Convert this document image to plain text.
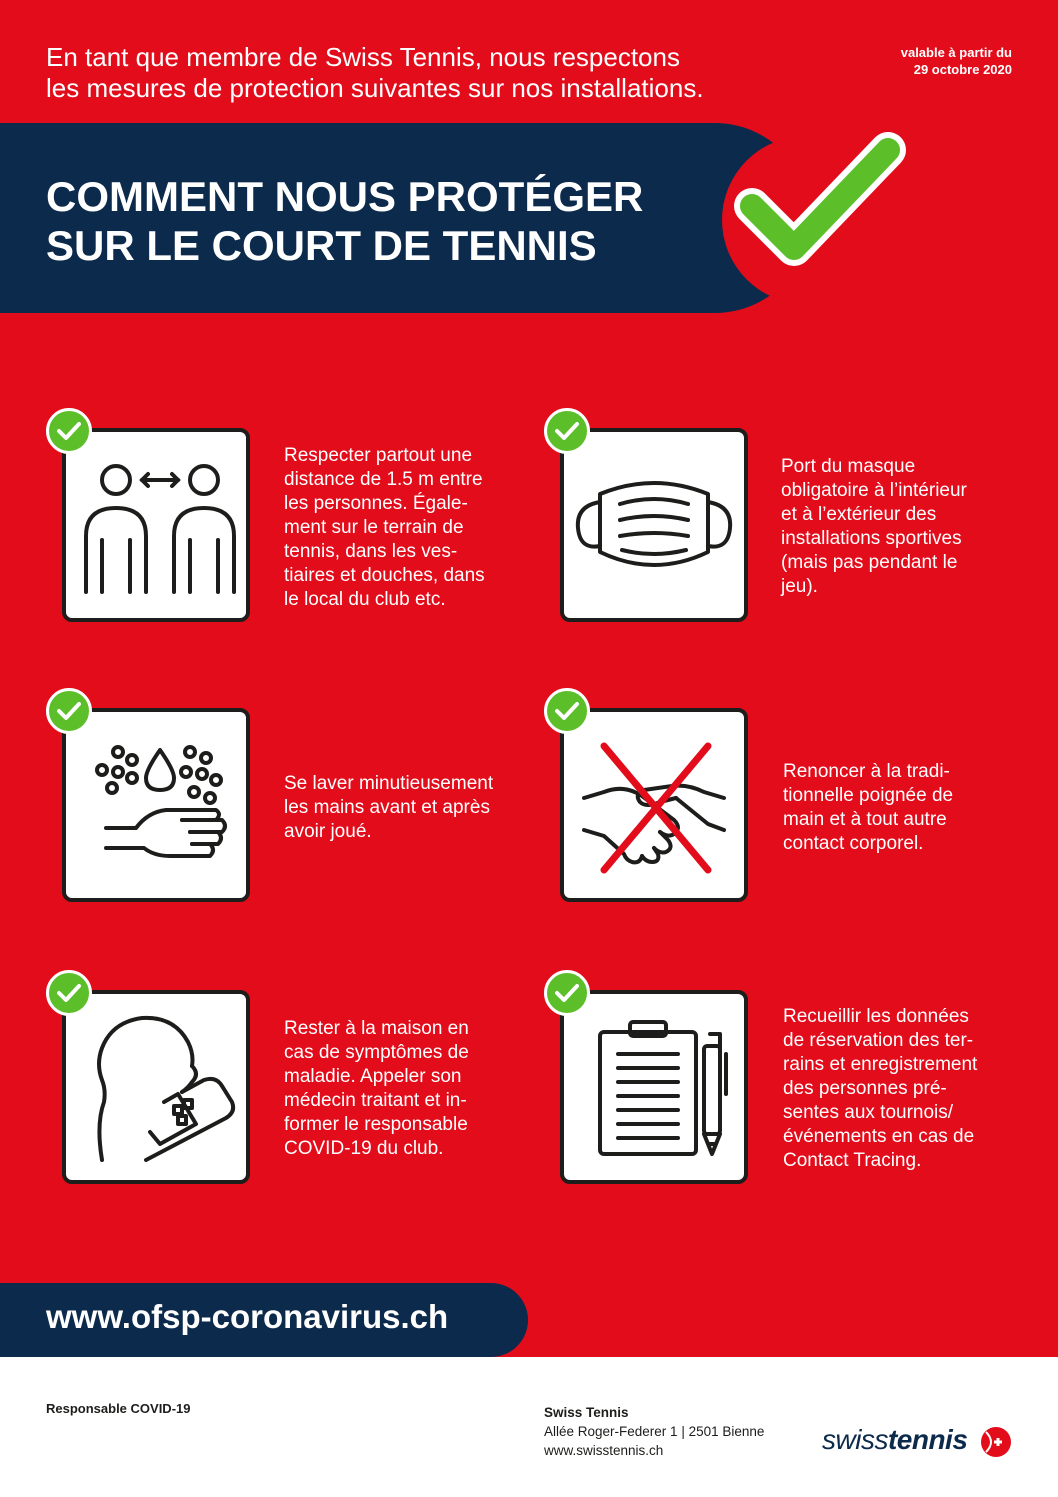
En tant que membre de Swiss Tennis, nous respectons
les mesures de protection suivantes sur nos installations.
valable à partir du
29 octobre 2020
COMMENT NOUS PROTÉGER
SUR LE COURT DE TENNIS
Respecter partout une
distance de 1.5 m entre
les personnes. Égale-
ment sur le terrain de
tennis, dans les ves-
tiaires et douches, dans
le local du club etc.
Port du masque
obligatoire à l’intérieur
et à l’extérieur des
installations sportives
(mais pas pendant le
jeu).
Se laver minutieusement
les mains avant et après
avoir joué.
Renoncer à la tradi-
tionnelle poignée de
main et à tout autre
contact corporel.
Rester à la maison en
cas de symptômes de
maladie. Appeler son
médecin traitant et in-
former le responsable
COVID-19 du club.
Recueillir les données
de réservation des ter-
rains et enregistrement
des personnes pré-
sentes aux tournois/
événements en cas de
Contact Tracing.
www.ofsp-coronavirus.ch
Responsable COVID-19	Swiss Tennis
Allée Roger-Federer 1 | 2501 Bienne
www.swisstennis.ch	swisstennis
